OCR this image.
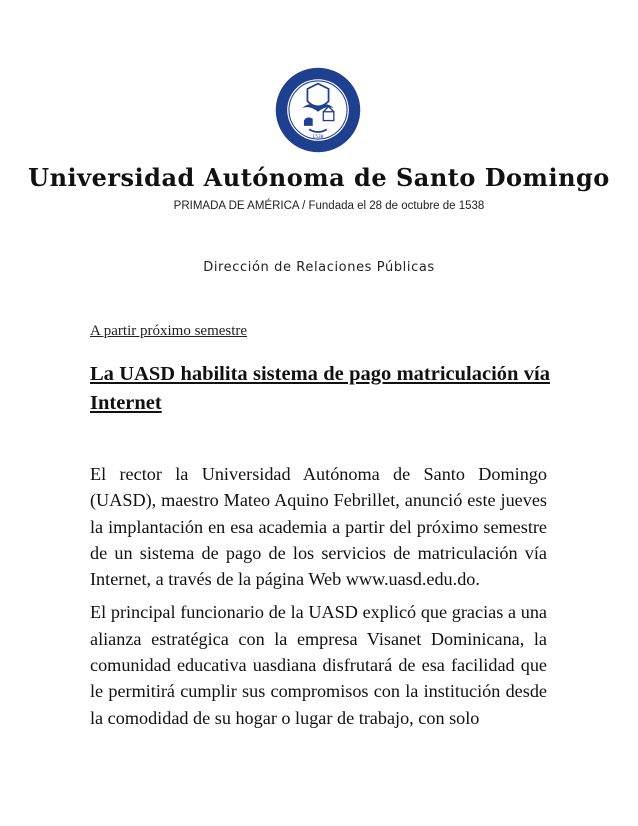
1538
Universidad Autónoma de Santo Domingo
PRIMADA DE AMÉRICA / Fundada el 28 de octubre de 1538
Dirección de Relaciones Públicas
A partir próximo semestre
La UASD habilita sistema de pago matriculación vía Internet

El rector la Universidad Autónoma de Santo Domingo (UASD), maestro Mateo Aquino Febrillet, anunció este jueves la implantación en esa academia a partir del próximo semestre de un sistema de pago de los servicios de matriculación vía Internet, a través de la página Web www.uasd.edu.do.

El principal funcionario de la UASD explicó que gracias a una alianza estratégica con la empresa Visanet Dominicana, la comunidad educativa uasdiana disfrutará de esa facilidad que le permitirá cumplir sus compromisos con la institución desde la comodidad de su hogar o lugar de trabajo, con solo
